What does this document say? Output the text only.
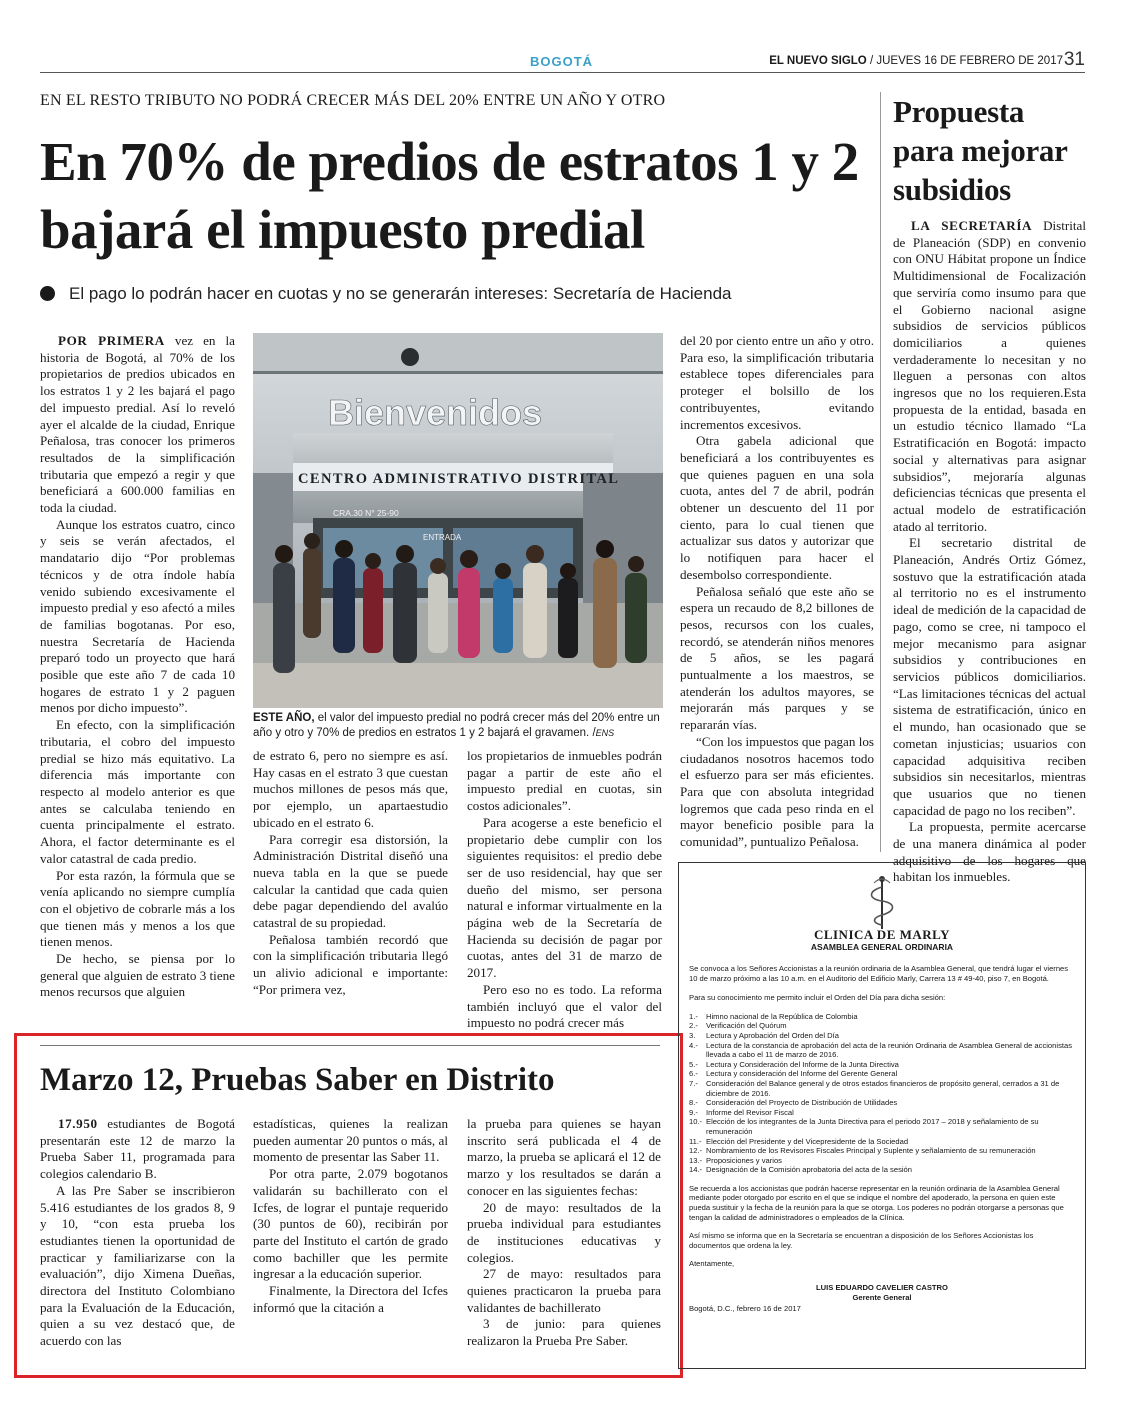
BOGOTÁ	EL NUEVO SIGLO / JUEVES 16 DE FEBRERO DE 2017 31
EN EL RESTO TRIBUTO NO PODRÁ CRECER MÁS DEL 20% ENTRE UN AÑO Y OTRO
En 70% de predios de estratos 1 y 2 bajará el impuesto predial
El pago lo podrán hacer en cuotas y no se generarán intereses: Secretaría de Hacienda

POR PRIMERA vez en la historia de Bogotá, al 70% de los propietarios de predios ubicados en los estratos 1 y 2 les bajará el pago del impuesto predial. Así lo reveló ayer el alcalde de la ciudad, Enrique Peñalosa, tras conocer los primeros resultados de la simplificación tributaria que empezó a regir y que beneficiará a 600.000 familias en toda la ciudad.

Aunque los estratos cuatro, cinco y seis se verán afectados, el mandatario dijo “Por problemas técnicos y de otra índole había venido subiendo excesivamente el impuesto predial y eso afectó a miles de familias bogotanas. Por eso, nuestra Secretaría de Hacienda preparó todo un proyecto que hará posible que este año 7 de cada 10 hogares de estrato 1 y 2 paguen menos por dicho impuesto”.

En efecto, con la simplificación tributaria, el cobro del impuesto predial se hizo más equitativo. La diferencia más importante con respecto al modelo anterior es que antes se calculaba teniendo en cuenta principalmente el estrato. Ahora, el factor determinante es el valor catastral de cada predio.

Por esta razón, la fórmula que se venía aplicando no siempre cumplía con el objetivo de cobrarle más a los que tienen más y menos a los que tienen menos.

De hecho, se piensa por lo general que alguien de estrato 3 tiene menos recursos que alguien

Bienvenidos
CENTRO ADMINISTRATIVO DISTRITAL
CRA.30 N° 25-90
ENTRADA
ESTE AÑO, el valor del impuesto predial no podrá crecer más del 20% entre un año y otro y 70% de predios en estratos 1 y 2 bajará el gravamen. /ENS

de estrato 6, pero no siempre es así. Hay casas en el estrato 3 que cuestan muchos millones de pesos más que, por ejemplo, un apartaestudio ubicado en el estrato 6.

Para corregir esa distorsión, la Administración Distrital diseñó una nueva tabla en la que se puede calcular la cantidad que cada quien debe pagar dependiendo del avalúo catastral de su propiedad.

Peñalosa también recordó que con la simplificación tributaria llegó un alivio adicional e importante: “Por primera vez,

los propietarios de inmuebles podrán pagar a partir de este año el impuesto predial en cuotas, sin costos adicionales”.

Para acogerse a este beneficio el propietario debe cumplir con los siguientes requisitos: el predio debe ser de uso residencial, hay que ser dueño del mismo, ser persona natural e informar virtualmente en la página web de la Secretaría de Hacienda su decisión de pagar por cuotas, antes del 31 de marzo de 2017.

Pero eso no es todo. La reforma también incluyó que el valor del impuesto no podrá crecer más

del 20 por ciento entre un año y otro. Para eso, la simplificación tributaria establece topes diferenciales para proteger el bolsillo de los contribuyentes, evitando incrementos excesivos.

Otra gabela adicional que beneficiará a los contribuyentes es que quienes paguen en una sola cuota, antes del 7 de abril, podrán obtener un descuento del 11 por ciento, para lo cual tienen que actualizar sus datos y autorizar que lo notifiquen para hacer el desembolso correspondiente.

Peñalosa señaló que este año se espera un recaudo de 8,2 billones de pesos, recursos con los cuales, recordó, se atenderán niños menores de 5 años, se les pagará puntualmente a los maestros, se atenderán los adultos mayores, se mejorarán más parques y se repararán vías.

“Con los impuestos que pagan los ciudadanos nosotros hacemos todo el esfuerzo para ser más eficientes. Para que con absoluta integridad logremos que cada peso rinda en el mayor beneficio posible para la comunidad”, puntualizo Peñalosa.

Propuesta para mejorar subsidios

LA SECRETARÍA Distrital de Planeación (SDP) en convenio con ONU Hábitat propone un Índice Multidimensional de Focalización que serviría como insumo para que el Gobierno nacional asigne subsidios de servicios públicos domiciliarios a quienes verdaderamente lo necesitan y no lleguen a personas con altos ingresos que no los requieren.Esta propuesta de la entidad, basada en un estudio técnico llamado “La Estratificación en Bogotá: impacto social y alternativas para asignar subsidios”, mejoraría algunas deficiencias técnicas que presenta el actual modelo de estratificación atado al territorio.

El secretario distrital de Planeación, Andrés Ortiz Gómez, sostuvo que la estratificación atada al territorio no es el instrumento ideal de medición de la capacidad de pago, como se cree, ni tampoco el mejor mecanismo para asignar subsidios y contribuciones en servicios públicos domiciliarios. “Las limitaciones técnicas del actual sistema de estratificación, único en el mundo, han ocasionado que se cometan injusticias; usuarios con capacidad adquisitiva reciben subsidios sin necesitarlos, mientras que usuarios que no tienen capacidad de pago no los reciben”.

La propuesta, permite acercarse de una manera dinámica al poder adquisitivo de los hogares que habitan los inmuebles.

Marzo 12, Pruebas Saber en Distrito

17.950 estudiantes de Bogotá presentarán este 12 de marzo la Prueba Saber 11, programada para colegios calendario B.

A las Pre Saber se inscribieron 5.416 estudiantes de los grados 8, 9 y 10, “con esta prueba los estudiantes tienen la oportunidad de practicar y familiarizarse con la evaluación”, dijo Ximena Dueñas, directora del Instituto Colombiano para la Evaluación de la Educación, quien a su vez destacó que, de acuerdo con las

estadísticas, quienes la realizan pueden aumentar 20 puntos o más, al momento de presentar las Saber 11.

Por otra parte, 2.079 bogotanos validarán su bachillerato con el Icfes, de lograr el puntaje requerido (30 puntos de 60), recibirán por parte del Instituto el cartón de grado como bachiller que les permite ingresar a la educación superior.

Finalmente, la Directora del Icfes informó que la citación a

la prueba para quienes se hayan inscrito será publicada el 4 de marzo, la prueba se aplicará el 12 de marzo y los resultados se darán a conocer en las siguientes fechas:

20 de mayo: resultados de la prueba individual para estudiantes de instituciones educativas y colegios.

27 de mayo: resultados para quienes practicaron la prueba para validantes de bachillerato

3 de junio: para quienes realizaron la Prueba Pre Saber.

CLINICA DE MARLY
ASAMBLEA GENERAL ORDINARIA
Se convoca a los Señores Accionistas a la reunión ordinaria de la Asamblea General, que tendrá lugar el viernes 10 de marzo próximo a las 10 a.m. en el Auditorio del Edificio Marly, Carrera 13 # 49-40, piso 7, en Bogotá.
Para su conocimiento me permito incluir el Orden del Día para dicha sesión:
1.-	Himno nacional de la República de Colombia
2.-	Verificación del Quórum
3.	Lectura y Aprobación del Orden del Día
4.-	Lectura de la constancia de aprobación del acta de la reunión Ordinaria de Asamblea General de accionistas llevada a cabo el 11 de marzo de 2016.
5.-	Lectura y Consideración del Informe de la Junta Directiva
6.-	Lectura y consideración del Informe del Gerente General
7.-	Consideración del Balance general y de otros estados financieros de propósito general, cerrados a 31 de diciembre de 2016.
8.-	Consideración del Proyecto de Distribución de Utilidades
9.-	Informe del Revisor Fiscal
10.- Elección de los integrantes de la Junta Directiva para el periodo 2017 – 2018 y señalamiento de su remuneración
11.- Elección del Presidente y del Vicepresidente de la Sociedad
12.- Nombramiento de los Revisores Fiscales Principal y Suplente y señalamiento de su remuneración
13.- Proposiciones y varios
14.- Designación de la Comisión aprobatoria del acta de la sesión
Se recuerda a los accionistas que podrán hacerse representar en la reunión ordinaria de la Asamblea General mediante poder otorgado por escrito en el que se indique el nombre del apoderado, la persona en quien este pueda sustituir y la fecha de la reunión para la que se otorga. Los poderes no podrán otorgarse a personas que tengan la calidad de administradores o empleados de la Clínica.
Así mismo se informa que en la Secretaría se encuentran a disposición de los Señores Accionistas los documentos que ordena la ley.
Atentamente,
LUIS EDUARDO CAVELIER CASTRO
Gerente General
Bogotá, D.C., febrero 16 de 2017
